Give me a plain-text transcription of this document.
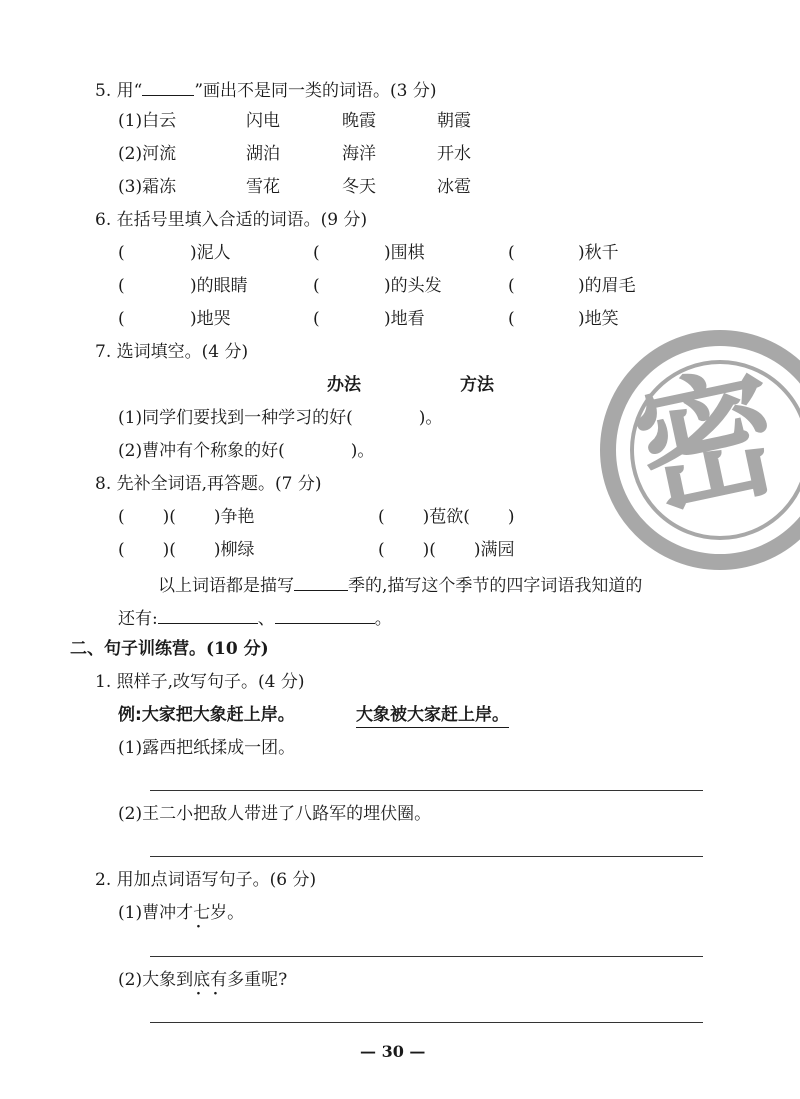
密
5. 用“	”画出不是同一类的词语。(3 分)
(1)白云	闪电	晚霞	朝霞
(2)河流	湖泊	海洋	开水
(3)霜冻	雪花	冬天	冰雹
6. 在括号里填入合适的词语。(9 分)
(	)泥人	(	)围棋	(	)秋千
(	)的眼睛	(	)的头发	(	)的眉毛
(	)地哭	(	)地看	(	)地笑
7. 选词填空。(4 分)
办法	方法
(1)同学们要找到一种学习的好(	)。
(2)曹冲有个称象的好(	)。
8. 先补全词语,再答题。(7 分)
( )( )争艳	( )苞欲( )
( )( )柳绿	( )( )满园
以上词语都是描写	季的,描写这个季节的四字词语我知道的
还有:	、	。
二、句子训练营。(10 分)
1. 照样子,改写句子。(4 分)
例:大家把大象赶上岸。	大象被大家赶上岸。
(1)露西把纸揉成一团。
(2)王二小把敌人带进了八路军的埋伏圈。
2. 用加点词语写句子。(6 分)
(1)曹冲才七岁。
·
(2)大象到底有多重呢?
· ·
— 30 —
